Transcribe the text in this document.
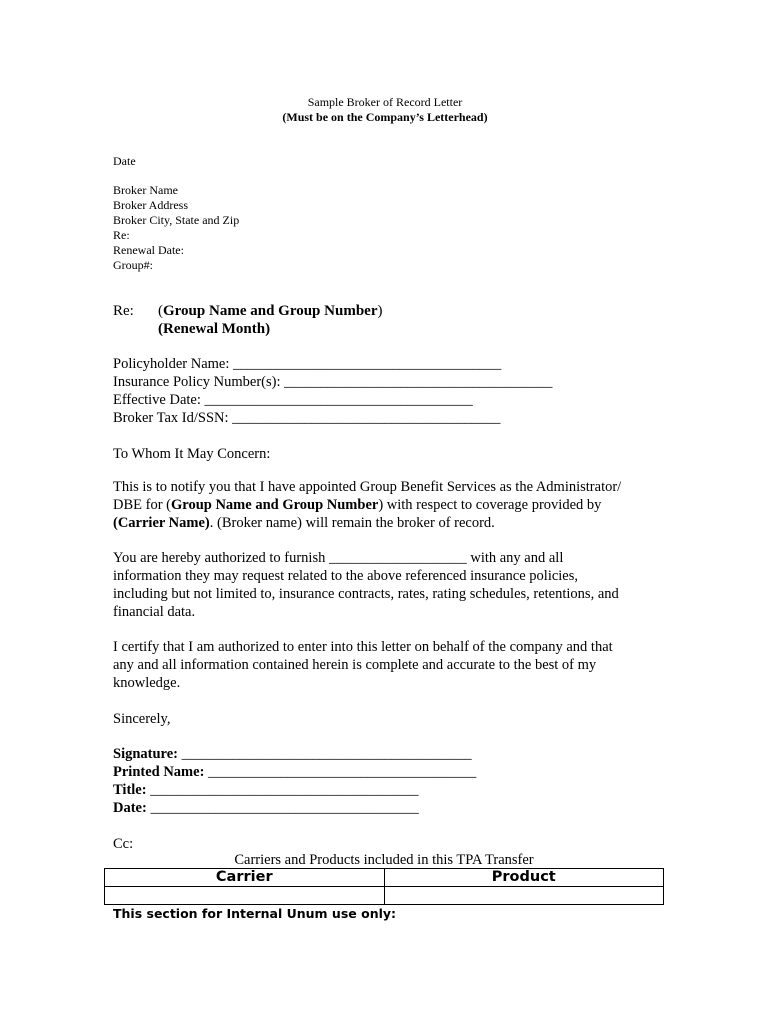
Sample Broker of Record Letter
(Must be on the Company’s Letterhead)
Date
Broker Name
Broker Address
Broker City, State and Zip
Re:
Renewal Date:
Group#:
Re: (Group Name and Group Number)
(Renewal Month)
Policyholder Name: _____________________________________
Insurance Policy Number(s): _____________________________________
Effective Date: _____________________________________
Broker Tax Id/SSN: _____________________________________
To Whom It May Concern:
This is to notify you that I have appointed Group Benefit Services as the Administrator/
DBE for (Group Name and Group Number) with respect to coverage provided by
(Carrier Name). (Broker name) will remain the broker of record.
You are hereby authorized to furnish ___________________ with any and all
information they may request related to the above referenced insurance policies,
including but not limited to, insurance contracts, rates, rating schedules, retentions, and
financial data.
I certify that I am authorized to enter into this letter on behalf of the company and that
any and all information contained herein is complete and accurate to the best of my
knowledge.
Sincerely,
Signature: ________________________________________
Printed Name: _____________________________________
Title: _____________________________________
Date: _____________________________________
Cc:
Carriers and Products included in this TPA Transfer
Carrier	Product

This section for Internal Unum use only:
